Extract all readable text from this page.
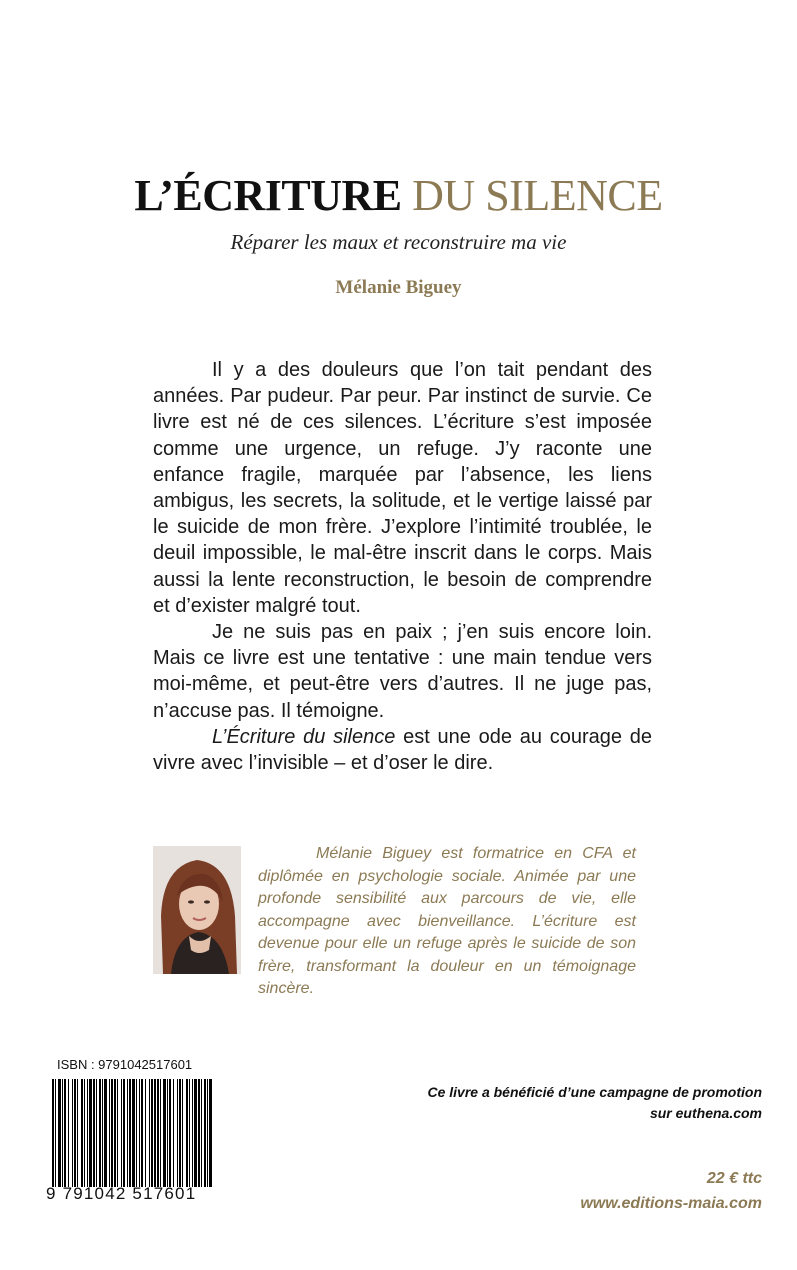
L’ÉCRITURE DU SILENCE
Réparer les maux et reconstruire ma vie
Mélanie Biguey

Il y a des douleurs que l’on tait pendant des années. Par pudeur. Par peur. Par instinct de survie. Ce livre est né de ces silences. L’écriture s’est imposée comme une urgence, un refuge. J’y raconte une enfance fragile, marquée par l’absence, les liens ambigus, les secrets, la solitude, et le vertige laissé par le suicide de mon frère. J’explore l’intimité troublée, le deuil impossible, le mal-être inscrit dans le corps. Mais aussi la lente reconstruction, le besoin de comprendre et d’exister malgré tout.

Je ne suis pas en paix ; j’en suis encore loin. Mais ce livre est une tentative : une main tendue vers moi-même, et peut-être vers d’autres. Il ne juge pas, n’accuse pas. Il témoigne.

L’Écriture du silence est une ode au courage de vivre avec l’invisible – et d’oser le dire.

Mélanie Biguey est formatrice en CFA et diplômée en psychologie sociale. Animée par une profonde sensibilité aux parcours de vie, elle accompagne avec bienveillance. L’écriture est devenue pour elle un refuge après le suicide de son frère, transformant la douleur en un témoignage sincère.

ISBN : 9791042517601
9 791042 517601
Ce livre a bénéficié d’une campagne de promotion
sur euthena.com
22 € ttc
www.editions-maia.com
